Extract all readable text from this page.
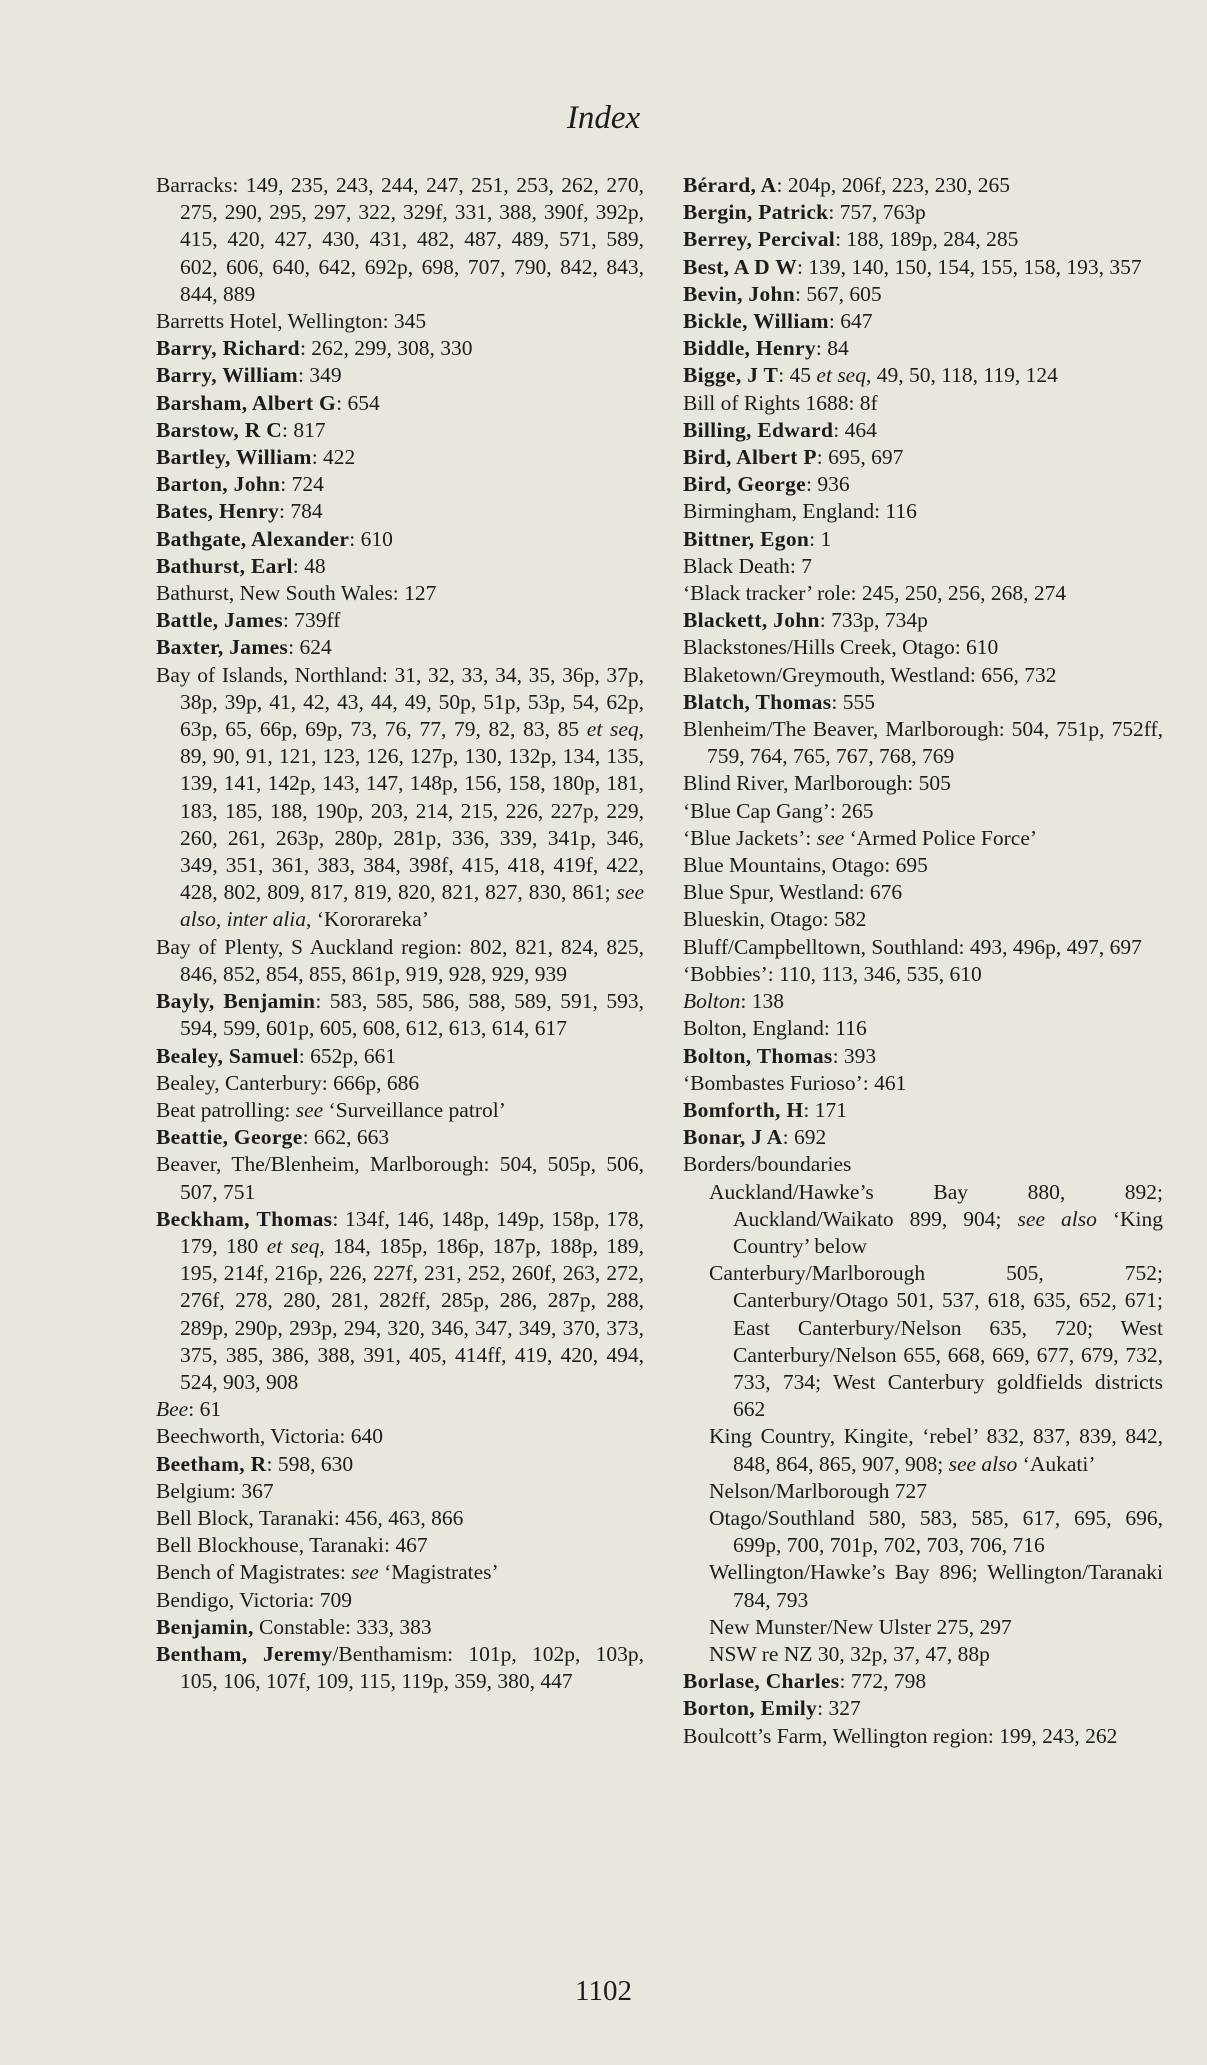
Index
Barracks: 149, 235, 243, 244, 247, 251, 253, 262, 270, 275, 290, 295, 297, 322, 329f, 331, 388, 390f, 392p, 415, 420, 427, 430, 431, 482, 487, 489, 571, 589, 602, 606, 640, 642, 692p, 698, 707, 790, 842, 843, 844, 889
Barretts Hotel, Wellington: 345
Barry, Richard: 262, 299, 308, 330
Barry, William: 349
Barsham, Albert G: 654
Barstow, R C: 817
Bartley, William: 422
Barton, John: 724
Bates, Henry: 784
Bathgate, Alexander: 610
Bathurst, Earl: 48
Bathurst, New South Wales: 127
Battle, James: 739ff
Baxter, James: 624
Bay of Islands, Northland: 31, 32, 33, 34, 35, 36p, 37p, 38p, 39p, 41, 42, 43, 44, 49, 50p, 51p, 53p, 54, 62p, 63p, 65, 66p, 69p, 73, 76, 77, 79, 82, 83, 85 et seq, 89, 90, 91, 121, 123, 126, 127p, 130, 132p, 134, 135, 139, 141, 142p, 143, 147, 148p, 156, 158, 180p, 181, 183, 185, 188, 190p, 203, 214, 215, 226, 227p, 229, 260, 261, 263p, 280p, 281p, 336, 339, 341p, 346, 349, 351, 361, 383, 384, 398f, 415, 418, 419f, 422, 428, 802, 809, 817, 819, 820, 821, 827, 830, 861; see also, inter alia, ‘Kororareka’
Bay of Plenty, S Auckland region: 802, 821, 824, 825, 846, 852, 854, 855, 861p, 919, 928, 929, 939
Bayly, Benjamin: 583, 585, 586, 588, 589, 591, 593, 594, 599, 601p, 605, 608, 612, 613, 614, 617
Bealey, Samuel: 652p, 661
Bealey, Canterbury: 666p, 686
Beat patrolling: see ‘Surveillance patrol’
Beattie, George: 662, 663
Beaver, The/Blenheim, Marlborough: 504, 505p, 506, 507, 751
Beckham, Thomas: 134f, 146, 148p, 149p, 158p, 178, 179, 180 et seq, 184, 185p, 186p, 187p, 188p, 189, 195, 214f, 216p, 226, 227f, 231, 252, 260f, 263, 272, 276f, 278, 280, 281, 282ff, 285p, 286, 287p, 288, 289p, 290p, 293p, 294, 320, 346, 347, 349, 370, 373, 375, 385, 386, 388, 391, 405, 414ff, 419, 420, 494, 524, 903, 908
Bee: 61
Beechworth, Victoria: 640
Beetham, R: 598, 630
Belgium: 367
Bell Block, Taranaki: 456, 463, 866
Bell Blockhouse, Taranaki: 467
Bench of Magistrates: see ‘Magistrates’
Bendigo, Victoria: 709
Benjamin, Constable: 333, 383
Bentham, Jeremy/Benthamism: 101p, 102p, 103p, 105, 106, 107f, 109, 115, 119p, 359, 380, 447
Bérard, A: 204p, 206f, 223, 230, 265
Bergin, Patrick: 757, 763p
Berrey, Percival: 188, 189p, 284, 285
Best, A D W: 139, 140, 150, 154, 155, 158, 193, 357
Bevin, John: 567, 605
Bickle, William: 647
Biddle, Henry: 84
Bigge, J T: 45 et seq, 49, 50, 118, 119, 124
Bill of Rights 1688: 8f
Billing, Edward: 464
Bird, Albert P: 695, 697
Bird, George: 936
Birmingham, England: 116
Bittner, Egon: 1
Black Death: 7
‘Black tracker’ role: 245, 250, 256, 268, 274
Blackett, John: 733p, 734p
Blackstones/Hills Creek, Otago: 610
Blaketown/Greymouth, Westland: 656, 732
Blatch, Thomas: 555
Blenheim/The Beaver, Marlborough: 504, 751p, 752ff, 759, 764, 765, 767, 768, 769
Blind River, Marlborough: 505
‘Blue Cap Gang’: 265
‘Blue Jackets’: see ‘Armed Police Force’
Blue Mountains, Otago: 695
Blue Spur, Westland: 676
Blueskin, Otago: 582
Bluff/Campbelltown, Southland: 493, 496p, 497, 697
‘Bobbies’: 110, 113, 346, 535, 610
Bolton: 138
Bolton, England: 116
Bolton, Thomas: 393
‘Bombastes Furioso’: 461
Bomforth, H: 171
Bonar, J A: 692
Borders/boundaries
Auckland/Hawke’s Bay 880, 892; Auckland/Waikato 899, 904; see also ‘King Country’ below
Canterbury/Marlborough 505, 752; Canterbury/Otago 501, 537, 618, 635, 652, 671; East Canterbury/Nelson 635, 720; West Canterbury/Nelson 655, 668, 669, 677, 679, 732, 733, 734; West Canterbury goldfields districts 662
King Country, Kingite, ‘rebel’ 832, 837, 839, 842, 848, 864, 865, 907, 908; see also ‘Aukati’
Nelson/Marlborough 727
Otago/Southland 580, 583, 585, 617, 695, 696, 699p, 700, 701p, 702, 703, 706, 716
Wellington/Hawke’s Bay 896; Wellington/Taranaki 784, 793
New Munster/New Ulster 275, 297
NSW re NZ 30, 32p, 37, 47, 88p
Borlase, Charles: 772, 798
Borton, Emily: 327
Boulcott’s Farm, Wellington region: 199, 243, 262
1102
